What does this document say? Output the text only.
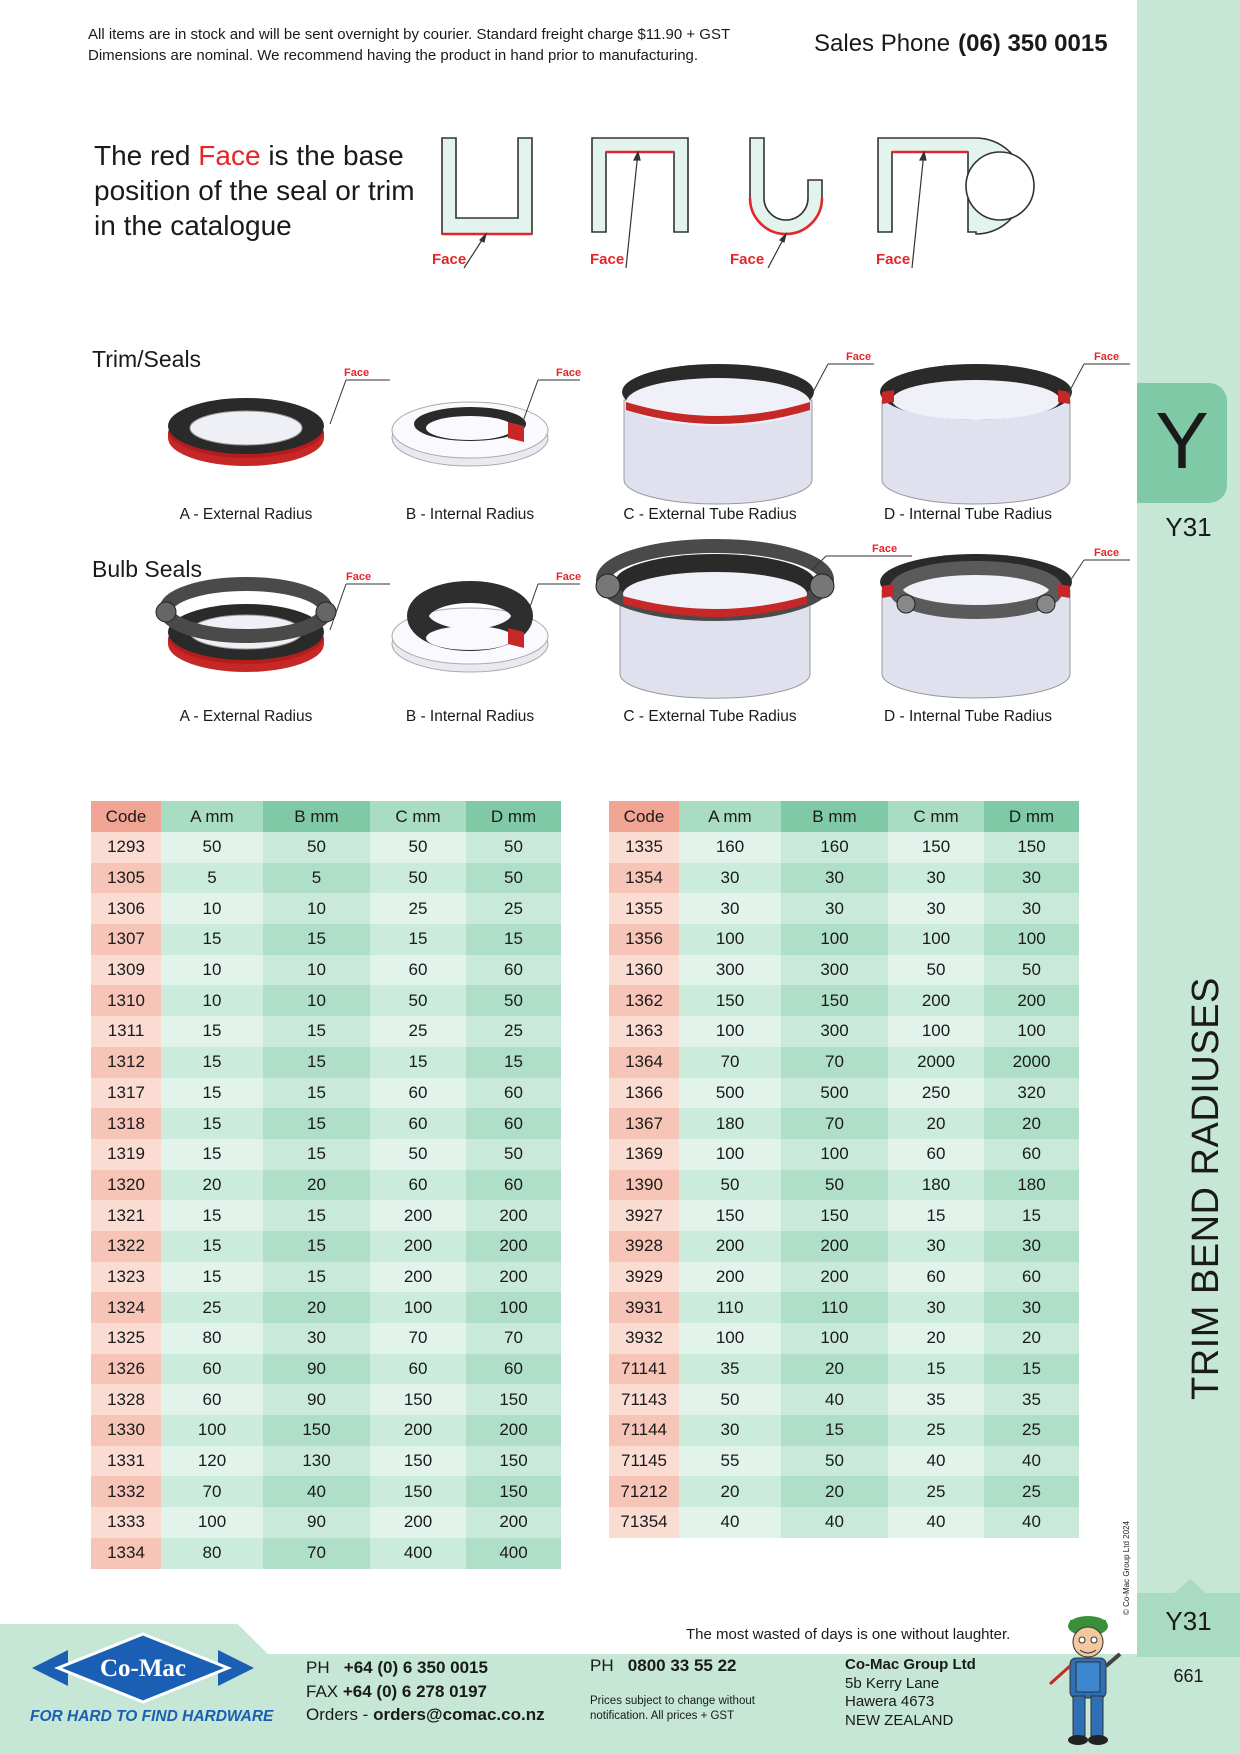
All items are in stock and will be sent overnight by courier. Standard freight charge $11.90 + GST
Dimensions are nominal. We recommend having the product in hand prior to manufacturing.	Sales Phone (06) 350 0015
Y
Y31
TRIM BEND RADIUSES
© Co-Mac Group Ltd 2024
Y31
661
The red Face is the base position of the seal or trim in the catalogue
Face	Face	Face	Face
Trim/Seals
Face	Face
Face	Face
A - External Radius	B - Internal Radius	C - External Tube Radius	D - Internal Tube Radius
Bulb Seals	Face	Face
Face	Face
A - External Radius	B - Internal Radius	C - External Tube Radius	D - Internal Tube Radius
Code	A mm	B mm	C mm	D mm
1293	50	50	50	50
1305	5	5	50	50
1306	10	10	25	25
1307	15	15	15	15
1309	10	10	60	60
1310	10	10	50	50
1311	15	15	25	25
1312	15	15	15	15
1317	15	15	60	60
1318	15	15	60	60
1319	15	15	50	50
1320	20	20	60	60
1321	15	15	200	200
1322	15	15	200	200
1323	15	15	200	200
1324	25	20	100	100
1325	80	30	70	70
1326	60	90	60	60
1328	60	90	150	150
1330	100	150	200	200
1331	120	130	150	150
1332	70	40	150	150
1333	100	90	200	200
1334	80	70	400	400
Code	A mm	B mm	C mm	D mm
1335	160	160	150	150
1354	30	30	30	30
1355	30	30	30	30
1356	100	100	100	100
1360	300	300	50	50
1362	150	150	200	200
1363	100	300	100	100
1364	70	70	2000	2000
1366	500	500	250	320
1367	180	70	20	20
1369	100	100	60	60
1390	50	50	180	180
3927	150	150	15	15
3928	200	200	30	30
3929	200	200	60	60
3931	110	110	30	30
3932	100	100	20	20
71141	35	20	15	15
71143	50	40	35	35
71144	30	15	25	25
71145	55	50	40	40
71212	20	20	25	25
71354	40	40	40	40
The most wasted of days is one without laughter.
Co-Mac
FOR HARD TO FIND HARDWARE
PH +64 (0) 6 350 0015
FAX +64 (0) 6 278 0197
Orders - orders@comac.co.nz
PH 0800 33 55 22
Prices subject to change without notification. All prices + GST
Co-Mac Group Ltd
5b Kerry Lane
Hawera 4673
NEW ZEALAND
